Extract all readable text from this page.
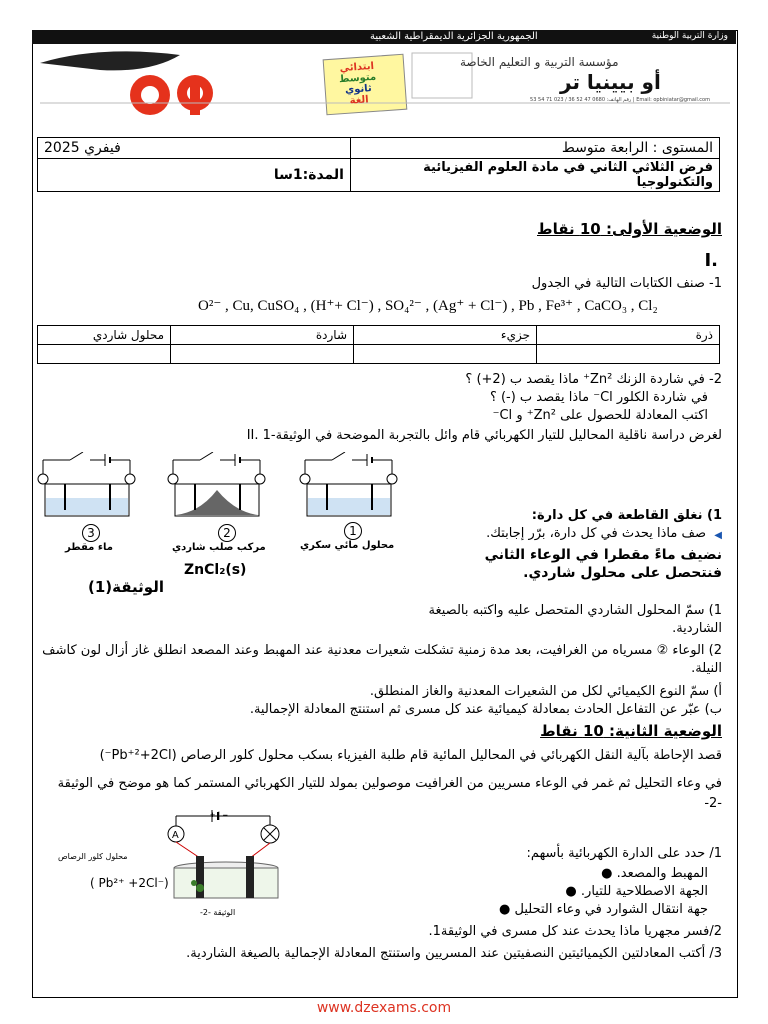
وزارة التربية الوطنية
الجمهورية الجزائرية الديمقراطية الشعبية
ابتدائي
متوسط
ثانوي
الغة
مؤسسة التربية و التعليم الخاصة
أو بيينيا تر
رقم الهاتف: 0680 47 52 36 / 023 71 54 53 | Email: opbiniatar@gmail.com
فيفري 2025	المستوى : الرابعة متوسط
المدة:1سا	فرض الثلاثي الثاني في مادة العلوم الفيزيائية والتكنولوجيا
الوضعية الأولى: 10 نقاط
I.
1- صنف الكتابات التالية في الجدول
O²⁻ , Cu, CuSO₄ , (H⁺+ Cl⁻) , SO₄²⁻ , (Ag⁺ + Cl⁻) , Pb , Fe³⁺ , CaCO₃ , Cl₂
ذرة	جزيء	شاردة	محلول شاردي

2- في شاردة الزنك Zn²⁺ ماذا يقصد ب (2+) ؟
في شاردة الكلور Cl⁻ ماذا يقصد ب (-) ؟
اكتب المعادلة للحصول على Zn²⁺ و Cl⁻
II. لغرض دراسة ناقلية المحاليل للتيار الكهربائي قام وائل بالتجربة الموضحة في الوثيقة-1
3	2	1
ماء مقطر	مركب صلب شاردي	محلول مائي سكري
ZnCl₂(s)
الوثيقة(1)
1) نغلق القاطعة في كل دارة:
صف ماذا يحدث في كل دارة، برّر إجابتك. ◀
نضيف ماءً مقطرا في الوعاء الثاني فنتحصل على محلول شاردي.
1) سمّ المحلول الشاردي المتحصل عليه واكتبه بالصيغة الشاردية.
2) الوعاء ② مسرياه من الغرافيت، بعد مدة زمنية تشكلت شعيرات معدنية عند المهبط وعند المصعد انطلق غاز أزال لون كاشف النيلة.
أ) سمّ النوع الكيميائي لكل من الشعيرات المعدنية والغاز المنطلق.
ب) عبّر عن التفاعل الحادث بمعادلة كيميائية عند كل مسرى ثم استنتج المعادلة الإجمالية.
الوضعية الثانية: 10 نقاط
قصد الإحاطة بآلية النقل الكهربائي في المحاليل المائية قام طلبة الفيزياء بسكب محلول كلور الرصاص (Pb⁺²+2Cl⁻)
في وعاء التحليل ثم غمر في الوعاء مسريين من الغرافيت موصولين بمولد للتيار الكهربائي المستمر كما هو موضح في الوثيقة -2-
A
+ | −
محلول كلور الرصاص
( Pb²⁺ +2Cl⁻)
الوثيقة -2-
1/ حدد على الدارة الكهربائية بأسهم:
المهبط والمصعد. ●
الجهة الاصطلاحية للتيار. ●
جهة انتقال الشوارد في وعاء التحليل ●
2/فسر مجهريا ماذا يحدث عند كل مسرى في الوثيقة1.
3/ أكتب المعادلتين الكيميائيتين النصفيتين عند المسريين واستنتج المعادلة الإجمالية بالصيغة الشاردية.
www.dzexams.com
